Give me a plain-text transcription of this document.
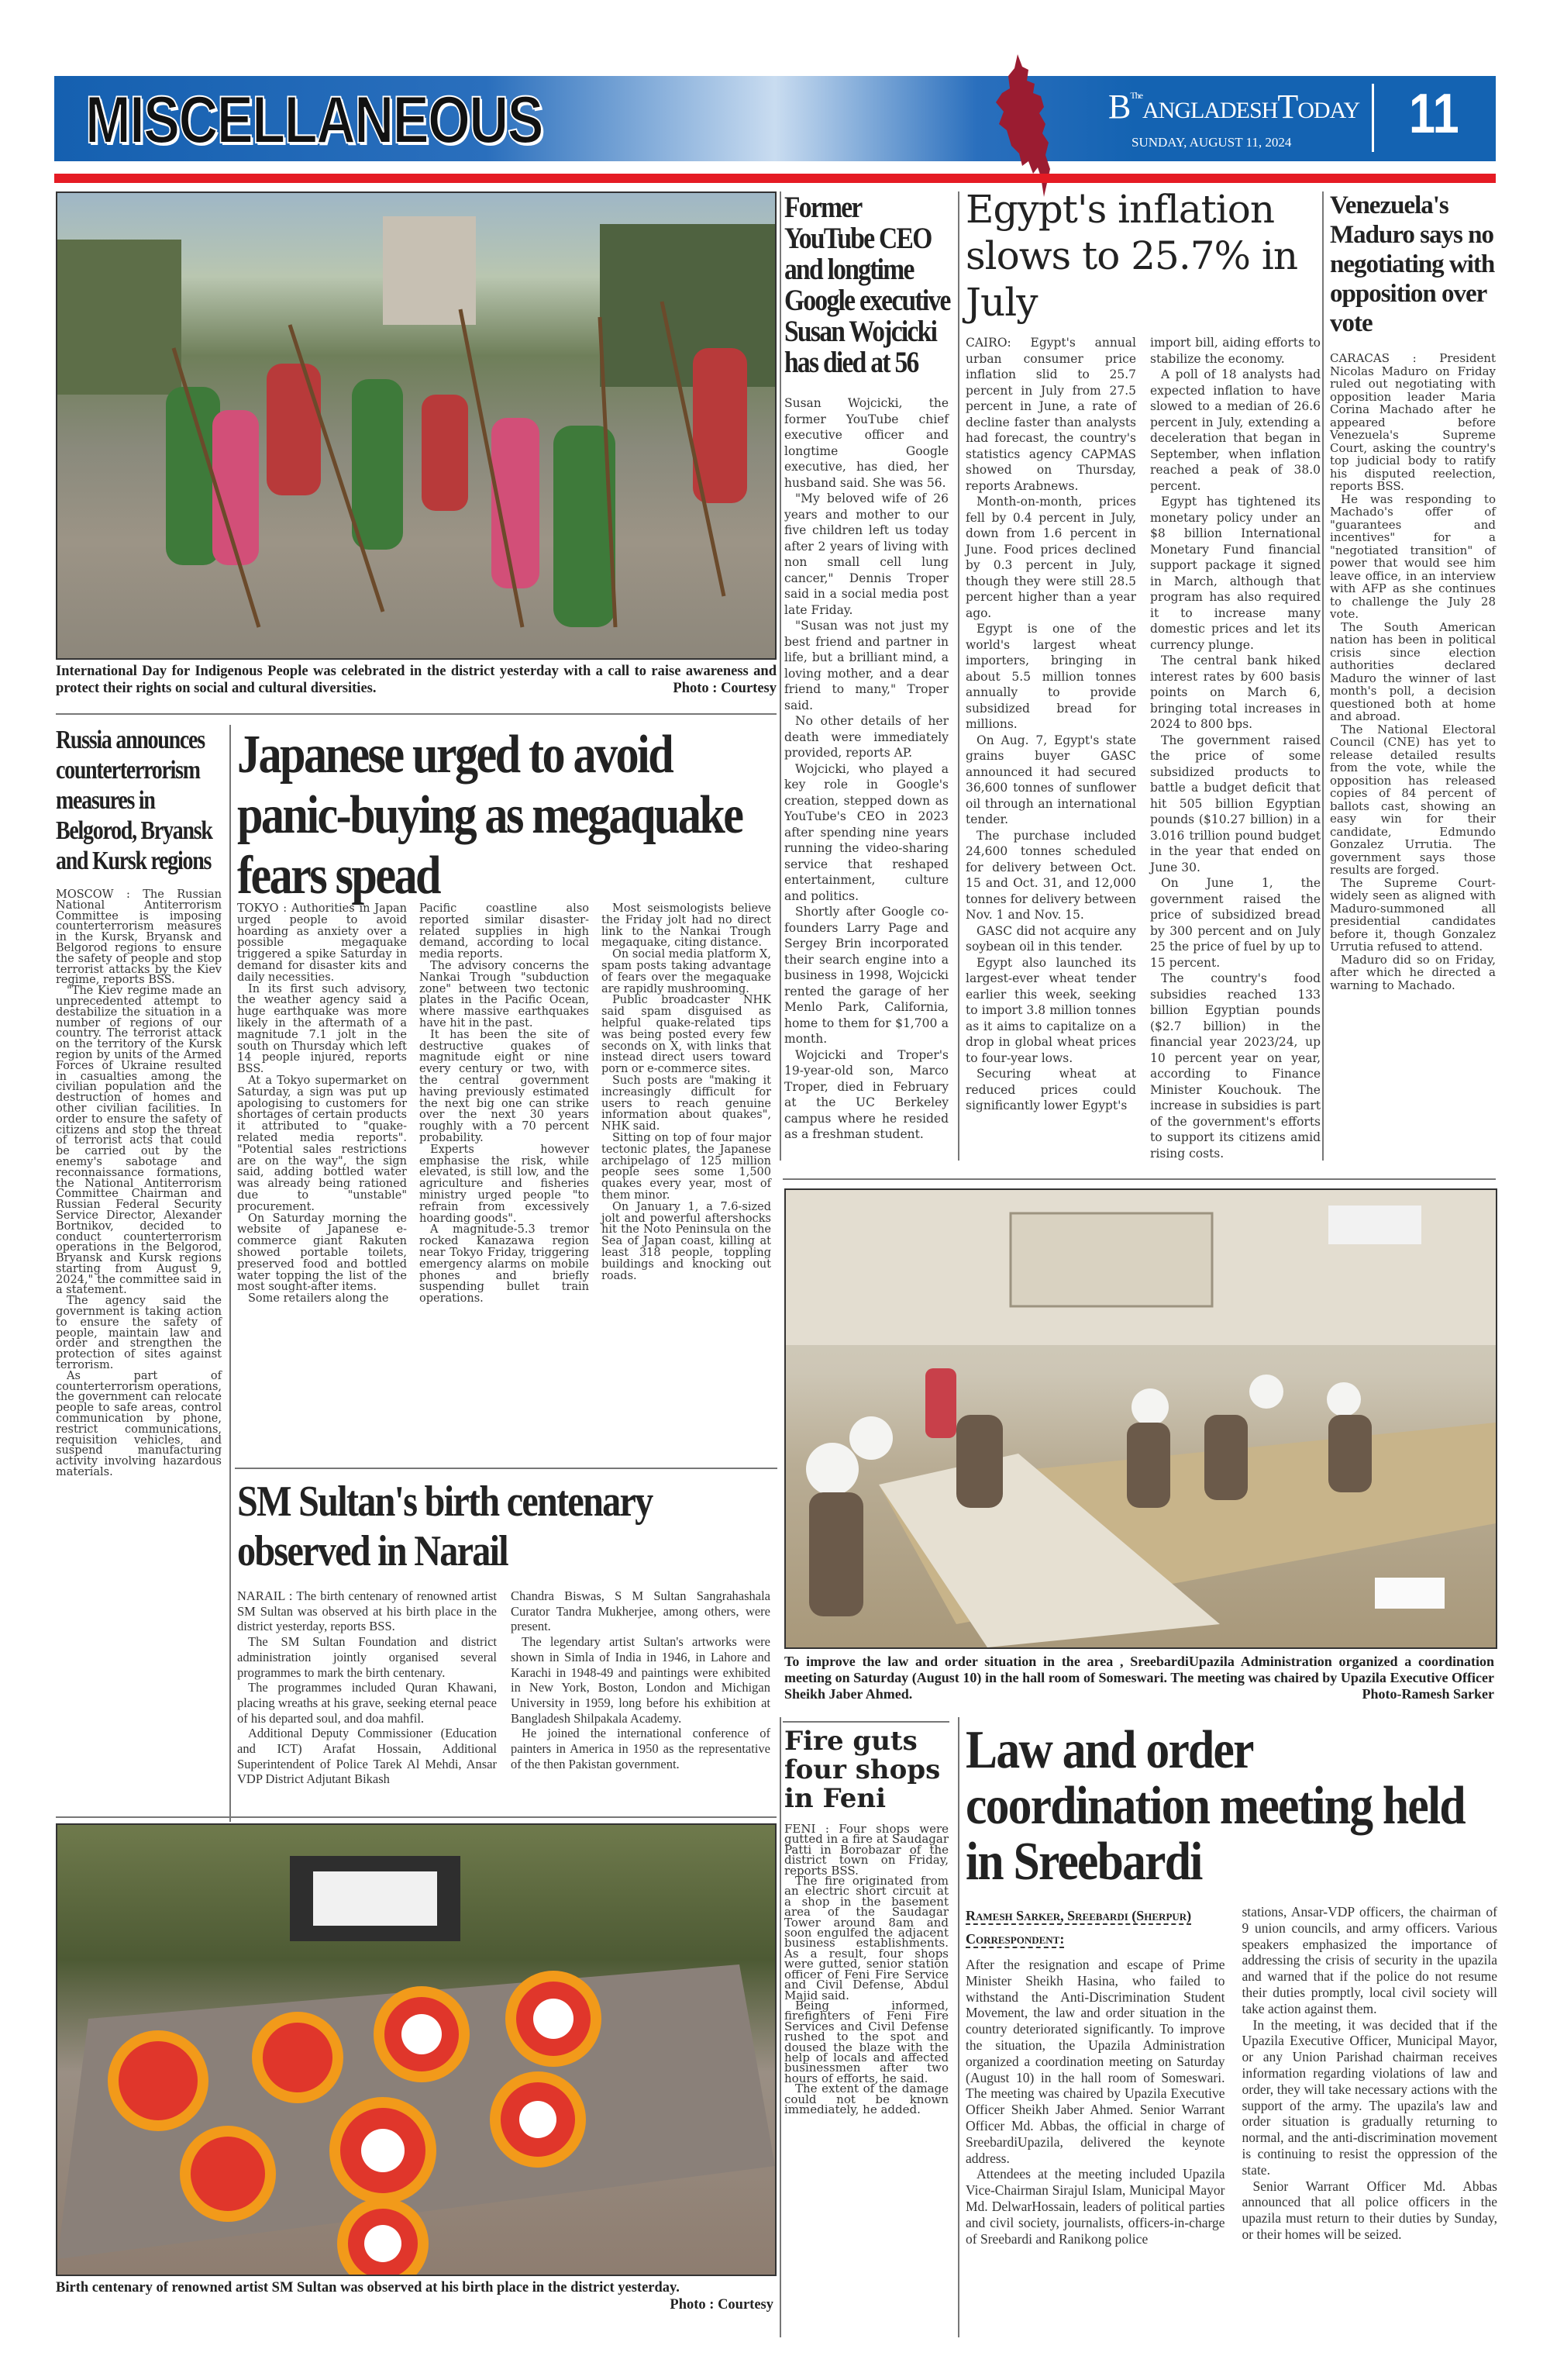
MISCELLANEOUS	$B^{The}ANGLADESHTODAY$
SUNDAY, AUGUST 11, 2024 11
International Day for Indigenous People was celebrated in the district yesterday with a call to raise awareness and protect their rights on social and cultural diversities.	Photo : Courtesy
Former YouTube CEO and longtime Google executive Susan Wojcicki has died at 56

Susan Wojcicki, the former YouTube chief executive officer and longtime Google executive, has died, her husband said. She was 56.

"My beloved wife of 26 years and mother to our five children left us today after 2 years of living with non small cell lung cancer," Dennis Troper said in a social media post late Friday.

"Susan was not just my best friend and partner in life, but a brilliant mind, a loving mother, and a dear friend to many," Troper said.

No other details of her death were immediately provided, reports AP.

Wojcicki, who played a key role in Google's creation, stepped down as YouTube's CEO in 2023 after spending nine years running the video-sharing service that reshaped entertainment, culture and politics.

Shortly after Google co-founders Larry Page and Sergey Brin incorporated their search engine into a business in 1998, Wojcicki rented the garage of her Menlo Park, California, home to them for $1,700 a month.

Wojcicki and Troper's 19-year-old son, Marco Troper, died in February at the UC Berkeley campus where he resided as a freshman student.

Egypt's inflation slows to 25.7% in July

CAIRO: Egypt's annual urban consumer price inflation slid to 25.7 percent in July from 27.5 percent in June, a rate of decline faster than analysts had forecast, the country's statistics agency CAPMAS showed on Thursday, reports Arabnews.

Month-on-month, prices fell by 0.4 percent in July, down from 1.6 percent in June. Food prices declined by 0.3 percent in July, though they were still 28.5 percent higher than a year ago.

Egypt is one of the world's largest wheat importers, bringing in about 5.5 million tonnes annually to provide subsidized bread for millions.

On Aug. 7, Egypt's state grains buyer GASC announced it had secured 36,600 tonnes of sunflower oil through an international tender.

The purchase included 24,600 tonnes scheduled for delivery between Oct. 15 and Oct. 31, and 12,000 tonnes for delivery between Nov. 1 and Nov. 15.

GASC did not acquire any soybean oil in this tender.

Egypt also launched its largest-ever wheat tender earlier this week, seeking to import 3.8 million tonnes as it aims to capitalize on a drop in global wheat prices to four-year lows.

Securing wheat at reduced prices could significantly lower Egypt's

import bill, aiding efforts to stabilize the economy.

A poll of 18 analysts had expected inflation to have slowed to a median of 26.6 percent in July, extending a deceleration that began in September, when inflation reached a peak of 38.0 percent.

Egypt has tightened its monetary policy under an $8 billion International Monetary Fund financial support package it signed in March, although that program has also required it to increase many domestic prices and let its currency plunge.

The central bank hiked interest rates by 600 basis points on March 6, bringing total increases in 2024 to 800 bps.

The government raised the price of some subsidized products to battle a budget deficit that hit 505 billion Egyptian pounds ($10.27 billion) in a 3.016 trillion pound budget in the year that ended on June 30.

On June 1, the government raised the price of subsidized bread by 300 percent and on July 25 the price of fuel by up to 15 percent.

The country's food subsidies reached 133 billion Egyptian pounds ($2.7 billion) in the financial year 2023/24, up 10 percent year on year, according to Finance Minister Kouchouk. The increase in subsidies is part of the government's efforts to support its citizens amid rising costs.

Venezuela's Maduro says no negotiating with opposition over vote

CARACAS : President Nicolas Maduro on Friday ruled out negotiating with opposition leader Maria Corina Machado after he appeared before Venezuela's Supreme Court, asking the country's top judicial body to ratify his disputed reelection, reports BSS.

He was responding to Machado's offer of "guarantees and incentives" for a "negotiated transition" of power that would see him leave office, in an interview with AFP as she continues to challenge the July 28 vote.

The South American nation has been in political crisis since election authorities declared Maduro the winner of last month's poll, a decision questioned both at home and abroad.

The National Electoral Council (CNE) has yet to release detailed results from the vote, while the opposition has released copies of 84 percent of ballots cast, showing an easy win for their candidate, Edmundo Gonzalez Urrutia. The government says those results are forged.

The Supreme Court-widely seen as aligned with Maduro-summoned all presidential candidates before it, though Gonzalez Urrutia refused to attend.

Maduro did so on Friday, after which he directed a warning to Machado.

Russia announces counterterrorism measures in Belgorod, Bryansk and Kursk regions

MOSCOW : The Russian National Antiterrorism Committee is imposing counterterrorism measures in the Kursk, Bryansk and Belgorod regions to ensure the safety of people and stop terrorist attacks by the Kiev regime, reports BSS.

"The Kiev regime made an unprecedented attempt to destabilize the situation in a number of regions of our country. The terrorist attack on the territory of the Kursk region by units of the Armed Forces of Ukraine resulted in casualties among the civilian population and the destruction of homes and other civilian facilities. In order to ensure the safety of citizens and stop the threat of terrorist acts that could be carried out by the enemy's sabotage and reconnaissance formations, the National Antiterrorism Committee Chairman and Russian Federal Security Service Director, Alexander Bortnikov, decided to conduct counterterrorism operations in the Belgorod, Bryansk and Kursk regions starting from August 9, 2024," the committee said in a statement.

The agency said the government is taking action to ensure the safety of people, maintain law and order and strengthen the protection of sites against terrorism.

As part of counterterrorism operations, the government can relocate people to safe areas, control communication by phone, restrict communications, requisition vehicles, and suspend manufacturing activity involving hazardous materials.

Japanese urged to avoid panic-buying as megaquake fears spead

TOKYO : Authorities in Japan urged people to avoid hoarding as anxiety over a possible megaquake triggered a spike Saturday in demand for disaster kits and daily necessities.

In its first such advisory, the weather agency said a huge earthquake was more likely in the aftermath of a magnitude 7.1 jolt in the south on Thursday which left 14 people injured, reports BSS.

At a Tokyo supermarket on Saturday, a sign was put up apologising to customers for shortages of certain products it attributed to "quake-related media reports". "Potential sales restrictions are on the way", the sign said, adding bottled water was already being rationed due to "unstable" procurement.

On Saturday morning the website of Japanese e-commerce giant Rakuten showed portable toilets, preserved food and bottled water topping the list of the most sought-after items.

Some retailers along the

Pacific coastline also reported similar disaster-related supplies in high demand, according to local media reports.

The advisory concerns the Nankai Trough "subduction zone" between two tectonic plates in the Pacific Ocean, where massive earthquakes have hit in the past.

It has been the site of destructive quakes of magnitude eight or nine every century or two, with the central government having previously estimated the next big one can strike over the next 30 years roughly with a 70 percent probability.

Experts however emphasise the risk, while elevated, is still low, and the agriculture and fisheries ministry urged people "to refrain from excessively hoarding goods".

A magnitude-5.3 tremor rocked Kanazawa region near Tokyo Friday, triggering emergency alarms on mobile phones and briefly suspending bullet train operations.

Most seismologists believe the Friday jolt had no direct link to the Nankai Trough megaquake, citing distance.

On social media platform X, spam posts taking advantage of fears over the megaquake are rapidly mushrooming.

Public broadcaster NHK said spam disguised as helpful quake-related tips was being posted every few seconds on X, with links that instead direct users toward porn or e-commerce sites.

Such posts are "making it increasingly difficult for users to reach genuine information about quakes", NHK said.

Sitting on top of four major tectonic plates, the Japanese archipelago of 125 million people sees some 1,500 quakes every year, most of them minor.

On January 1, a 7.6-sized jolt and powerful aftershocks hit the Noto Peninsula on the Sea of Japan coast, killing at least 318 people, toppling buildings and knocking out roads.

SM Sultan's birth centenary observed in Narail

NARAIL : The birth centenary of renowned artist SM Sultan was observed at his birth place in the district yesterday, reports BSS.

The SM Sultan Foundation and district administration jointly organised several programmes to mark the birth centenary.

The programmes included Quran Khawani, placing wreaths at his grave, seeking eternal peace of his departed soul, and doa mahfil.

Additional Deputy Commissioner (Education and ICT) Arafat Hossain, Additional Superintendent of Police Tarek Al Mehdi, Ansar VDP District Adjutant Bikash

Chandra Biswas, S M Sultan Sangrahashala Curator Tandra Mukherjee, among others, were present.

The legendary artist Sultan's artworks were shown in Simla of India in 1946, in Lahore and Karachi in 1948-49 and paintings were exhibited in New York, Boston, London and Michigan University in 1959, long before his exhibition at Bangladesh Shilpakala Academy.

He joined the international conference of painters in America in 1950 as the representative of the then Pakistan government.

To improve the law and order situation in the area , SreebardiUpazila Administration organized a coordination meeting on Saturday (August 10) in the hall room of Someswari. The meeting was chaired by Upazila Executive Officer Sheikh Jaber Ahmed.	Photo-Ramesh Sarker
Fire guts four shops in Feni

FENI : Four shops were gutted in a fire at Saudagar Patti in Borobazar of the district town on Friday, reports BSS.

The fire originated from an electric short circuit at a shop in the basement area of the Saudagar Tower around 8am and soon engulfed the adjacent business establishments. As a result, four shops were gutted, senior station officer of Feni Fire Service and Civil Defense, Abdul Majid said.

Being informed, firefighters of Feni Fire Services and Civil Defense rushed to the spot and doused the blaze with the help of locals and affected businessmen after two hours of efforts, he said.

The extent of the damage could not be known immediately, he added.

Law and order coordination meeting held in Sreebardi
Ramesh Sarker, Sreebardi (Sherpur) Correspondent:

After the resignation and escape of Prime Minister Sheikh Hasina, who failed to withstand the Anti-Discrimination Student Movement, the law and order situation in the country deteriorated significantly. To improve the situation, the Upazila Administration organized a coordination meeting on Saturday (August 10) in the hall room of Someswari. The meeting was chaired by Upazila Executive Officer Sheikh Jaber Ahmed. Senior Warrant Officer Md. Abbas, the official in charge of SreebardiUpazila, delivered the keynote address.

Attendees at the meeting included Upazila Vice-Chairman Sirajul Islam, Municipal Mayor Md. DelwarHossain, leaders of political parties and civil society, journalists, officers-in-charge of Sreebardi and Ranikong police

stations, Ansar-VDP officers, the chairman of 9 union councils, and army officers. Various speakers emphasized the importance of addressing the crisis of security in the upazila and warned that if the police do not resume their duties promptly, local civil society will take action against them.

In the meeting, it was decided that if the Upazila Executive Officer, Municipal Mayor, or any Union Parishad chairman receives information regarding violations of law and order, they will take necessary actions with the support of the army. The upazila's law and order situation is gradually returning to normal, and the anti-discrimination movement is continuing to resist the oppression of the state.

Senior Warrant Officer Md. Abbas announced that all police officers in the upazila must return to their duties by Sunday, or their homes will be seized.

Birth centenary of renowned artist SM Sultan was observed at his birth place in the district yesterday.
Photo : Courtesy
